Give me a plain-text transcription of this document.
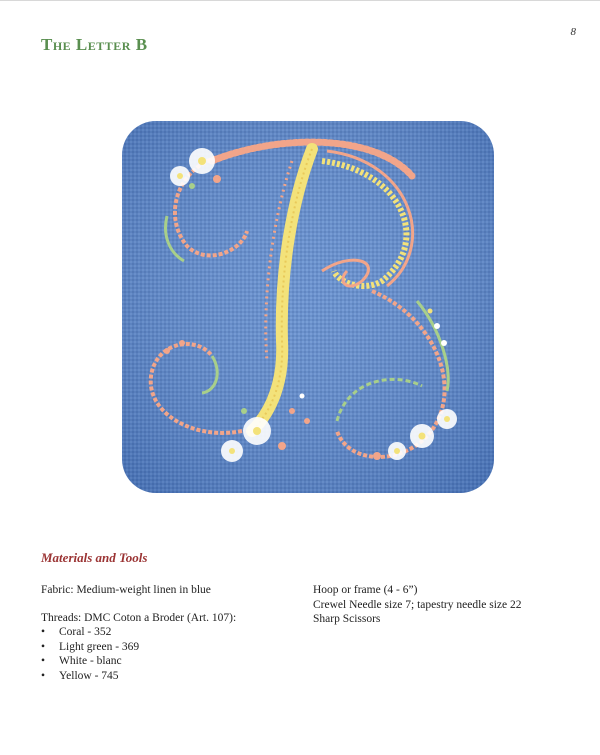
8
The Letter B
Materials and Tools

Fabric: Medium-weight linen in blue

Threads: DMC Coton a Broder (Art. 107):

• Coral - 352
• Light green - 369
• White - blanc
• Yellow - 745

Hoop or frame (4 - 6”)

Crewel Needle size 7; tapestry needle size 22

Sharp Scissors
